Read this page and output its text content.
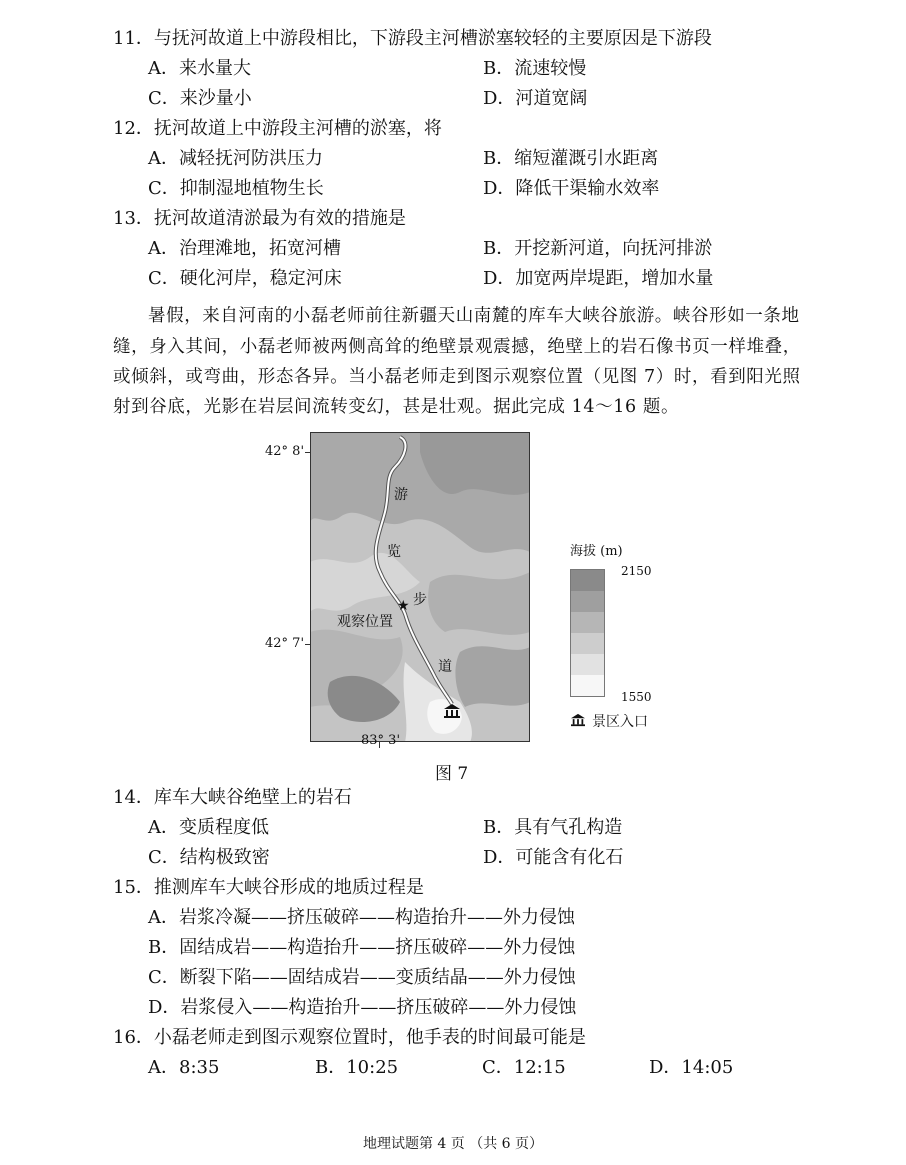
11．与抚河故道上中游段相比，下游段主河槽淤塞较轻的主要原因是下游段
A．来水量大	B．流速较慢
C．来沙量小	D．河道宽阔
12．抚河故道上中游段主河槽的淤塞，将
A．减轻抚河防洪压力	B．缩短灌溉引水距离
C．抑制湿地植物生长	D．降低干渠输水效率
13．抚河故道清淤最为有效的措施是
A．治理滩地，拓宽河槽	B．开挖新河道，向抚河排淤
C．硬化河岸，稳定河床	D．加宽两岸堤距，增加水量
暑假，来自河南的小磊老师前往新疆天山南麓的库车大峡谷旅游。峡谷形如一条地
缝，身入其间，小磊老师被两侧高耸的绝壁景观震撼，绝壁上的岩石像书页一样堆叠，
或倾斜，或弯曲，形态各异。当小磊老师走到图示观察位置（见图 7）时，看到阳光照
射到谷底，光影在岩层间流转变幻，甚是壮观。据此完成 14～16 题。
42° 8'
42° 7'
83° 3'
游
览
步
道
★
观察位置
海拔 (m)
2150
1550
景区入口
图 7
14．库车大峡谷绝壁上的岩石
A．变质程度低	B．具有气孔构造
C．结构极致密	D．可能含有化石
15．推测库车大峡谷形成的地质过程是
A．岩浆冷凝——挤压破碎——构造抬升——外力侵蚀
B．固结成岩——构造抬升——挤压破碎——外力侵蚀
C．断裂下陷——固结成岩——变质结晶——外力侵蚀
D．岩浆侵入——构造抬升——挤压破碎——外力侵蚀
16．小磊老师走到图示观察位置时，他手表的时间最可能是
A．8:35	B．10:25	C．12:15	D．14:05
地理试题第 4 页 （共 6 页）
